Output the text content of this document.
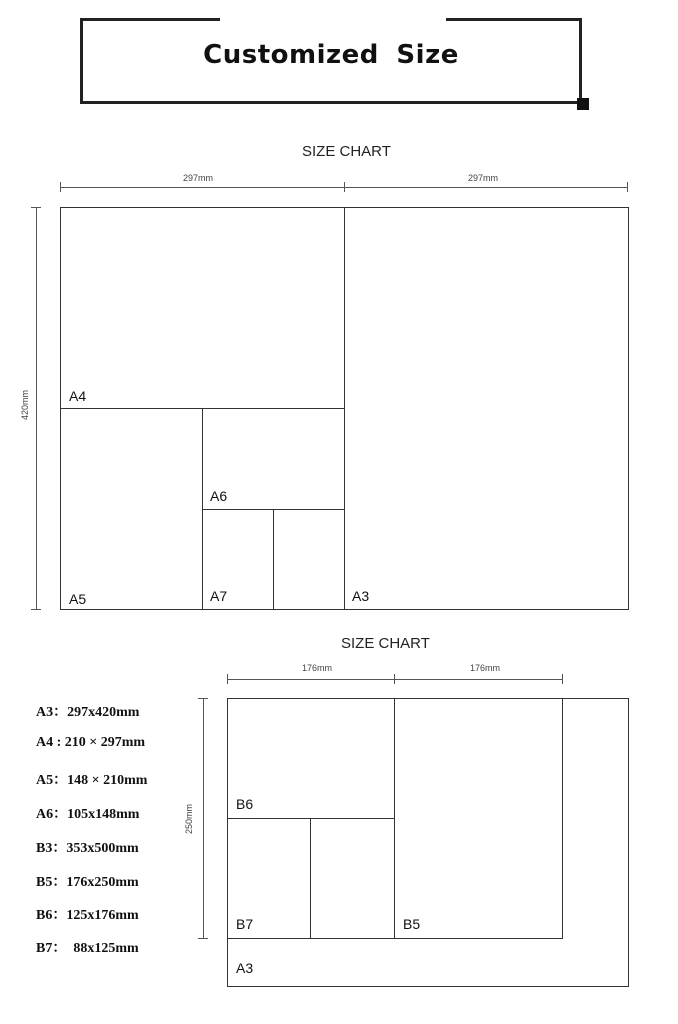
Customized Size
SIZE CHART
297mm	297mm
420mm	A4
A5
A6
A7	A3
SIZE CHART
176mm	176mm
250mm	B6
B7	B5
A3
A3：297x420mm
A4 : 210 × 297mm
A5：148 × 210mm
A6：105x148mm
B3：353x500mm
B5：176x250mm
B6：125x176mm
B7：  88x125mm
